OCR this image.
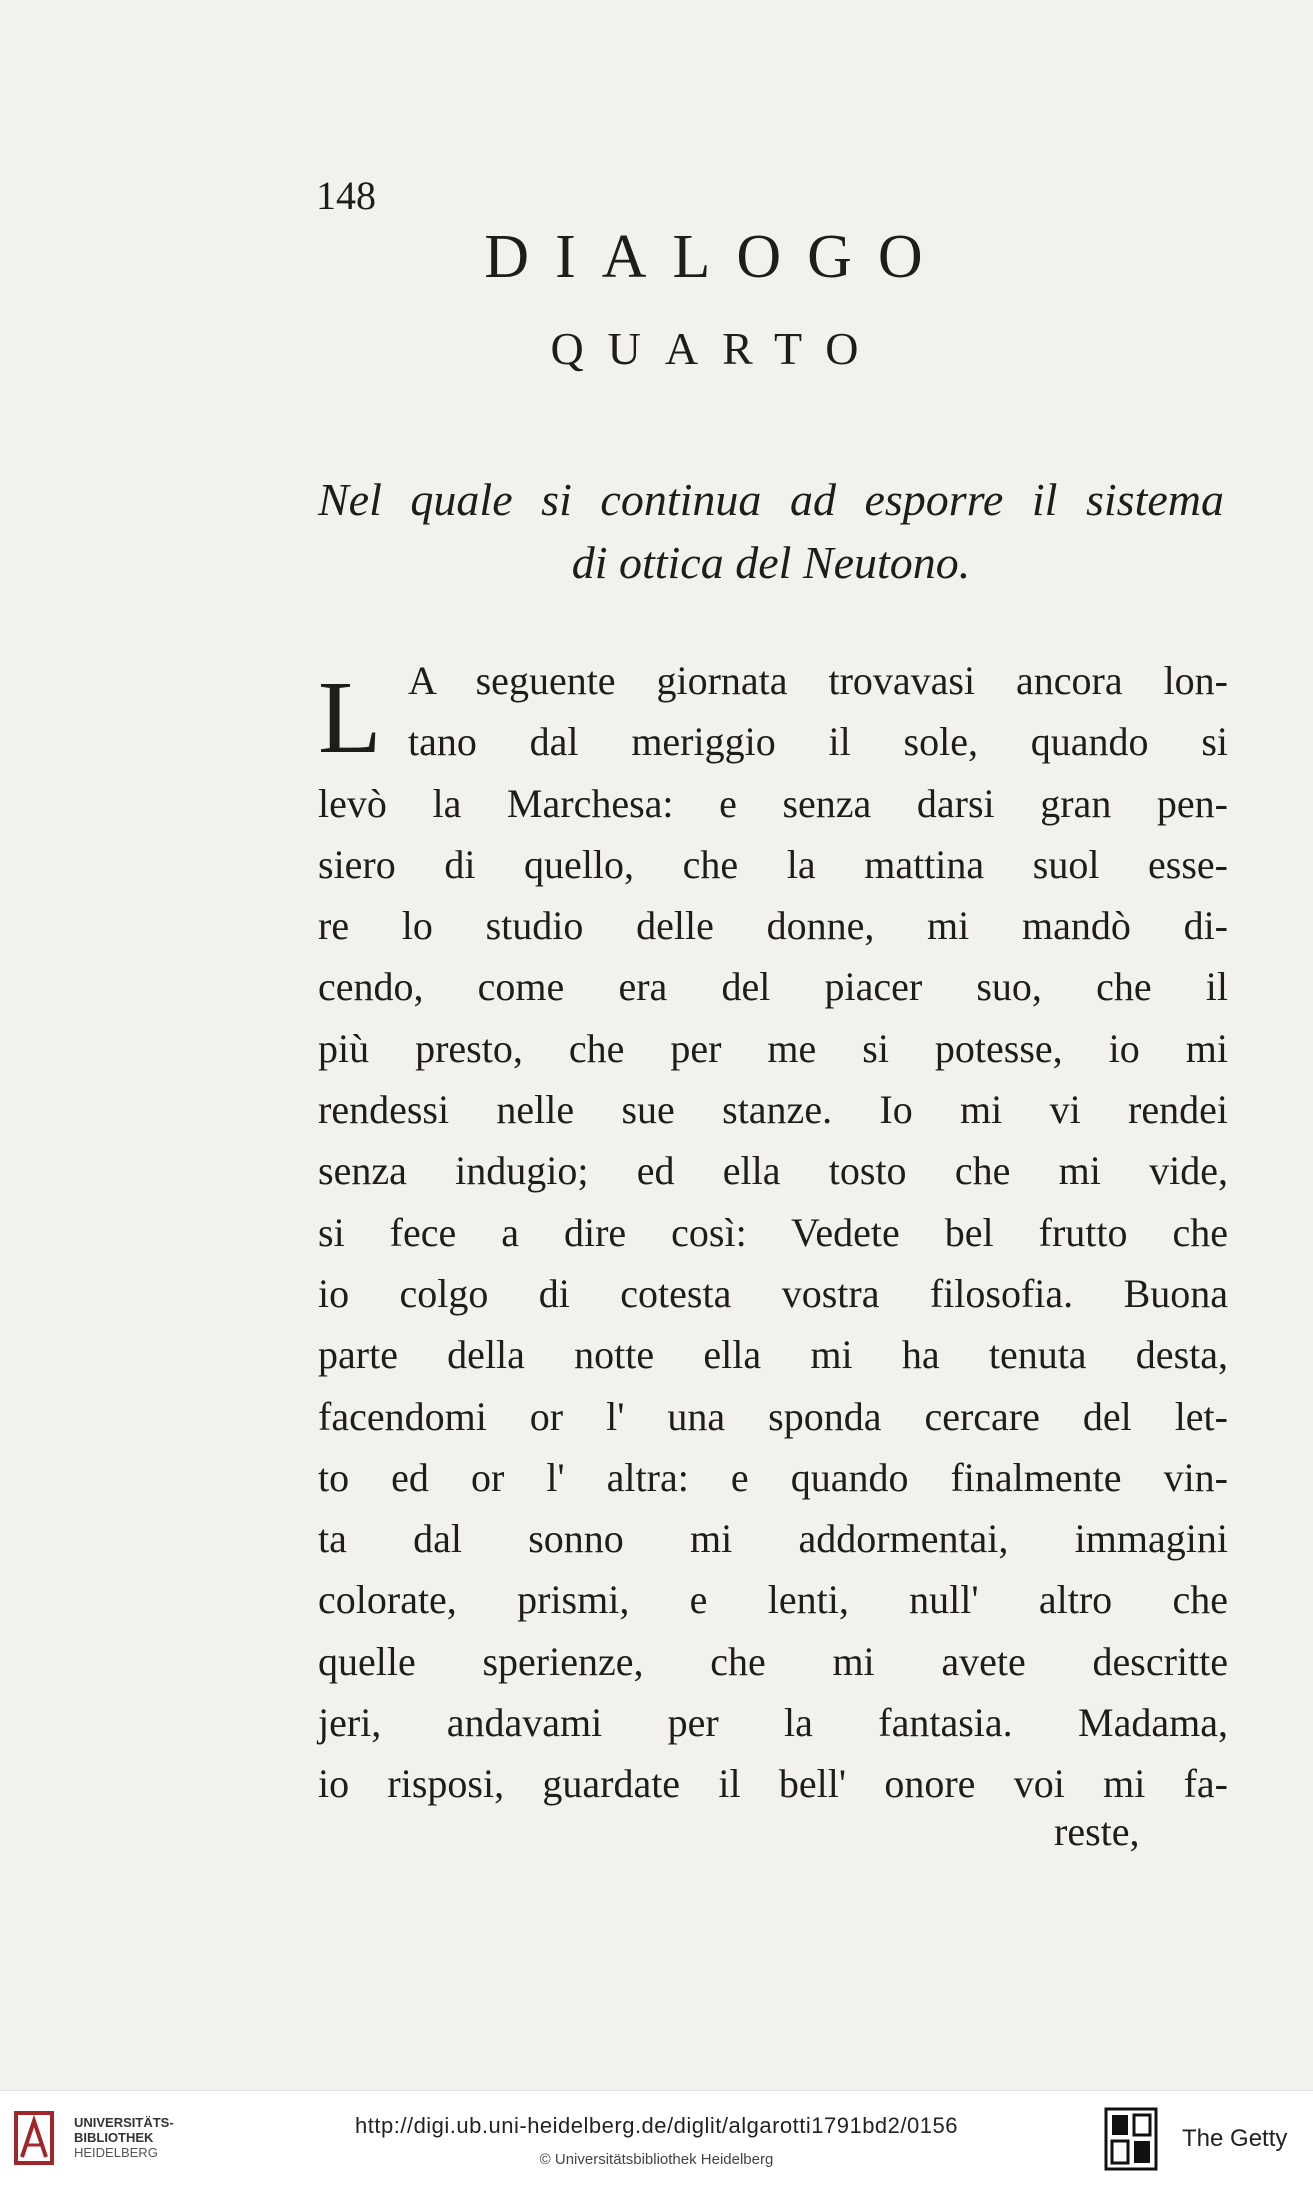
148
DIALOGO
QUARTO
Nel quale si continua ad esporre il sistema
di ottica del Neutono.
L A seguente giornata trovavasi ancora lon-
tano dal meriggio il sole, quando si
levò la Marchesa: e senza darsi gran pen-
siero di quello, che la mattina suol esse-
re lo studio delle donne, mi mandò di-
cendo, come era del piacer suo, che il
più presto, che per me si potesse, io mi
rendessi nelle sue stanze. Io mi vi rendei
senza indugio; ed ella tosto che mi vide,
si fece a dire così: Vedete bel frutto che
io colgo di cotesta vostra filosofia. Buona
parte della notte ella mi ha tenuta desta,
facendomi or l' una sponda cercare del let-
to ed or l' altra: e quando finalmente vin-
ta dal sonno mi addormentai, immagini
colorate, prismi, e lenti, null' altro che
quelle sperienze, che mi avete descritte
jeri, andavami per la fantasia. Madama,
io risposi, guardate il bell' onore voi mi fa-
reste,
UNIVERSITÄTS-
BIBLIOTHEK
HEIDELBERG
http://digi.ub.uni-heidelberg.de/diglit/algarotti1791bd2/0156
© Universitätsbibliothek Heidelberg
The Getty
